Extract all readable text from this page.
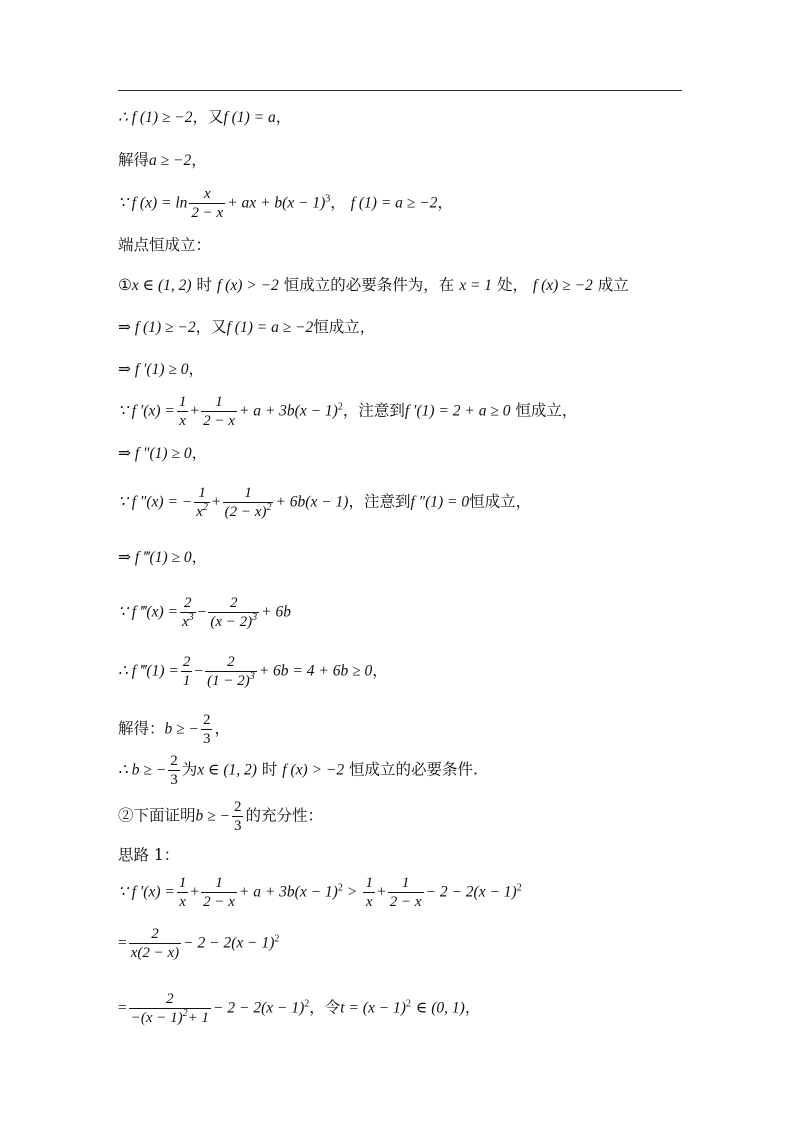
∴ f (1) ≥ −2，又f (1) = a，
解得a ≥ −2，
∵ f $(x) = \ln \frac{x}{2 - x}$ + ax + $b(x - 1)^3$， f (1) = a ≥ −2，
端点恒成立：
①x ∈ (1, 2) 时 f (x) > −2 恒成立的必要条件为，在 x = 1 处， f (x) ≥ −2 成立
⇒ f (1) ≥ −2，又f (1) = a ≥ −2恒成立，
⇒ f ′(1) ≥ 0，
∵ f $'(x) = \frac{1}{x} + \frac{1}{2 - x} + a + 3b(x - 1)^2$，注意到f ′(1) = 2 + a ≥ 0 恒成立，
⇒ f ″(1) ≥ 0，
∵ f ″(x) = − $\frac{1}{x^2} + \frac{1}{(2 - x)^2} + 6b(x - 1)$，注意到f ″(1) = 0恒成立，
⇒ f ‴(1) ≥ 0，
∵ f ‴(x) = $\frac{2}{x^3} - \frac{2}{(x - 2)^3} + 6b$
∴ f ‴(1) = $\frac{2}{1} - \frac{2}{(1 - 2)^3} + 6b = 4 + 6b \ge 0$，
解得：b ≥ − $\frac{2}{3}$ ，
∴ b ≥ − $\frac{2}{3}$ 为x ∈ (1, 2) 时 f (x) > −2 恒成立的必要条件.
②下面证明b ≥ − $\frac{2}{3}$ 的充分性：
思路 1：
∵ f $'(x) = \frac{1}{x} + \frac{1}{2 - x} + a + 3b(x - 1)^2 > \frac{1}{x} + \frac{1}{2 - x} - 2 - 2(x - 1)^2$
= $\frac{2}{x(2 - x)} - 2 - 2(x - 1)^2$
= $\frac{2}{-(x - 1)^2+ 1} - 2 - 2(x - 1)^2$，令$t = (x - 1)^2$ ∈ (0, 1)，
